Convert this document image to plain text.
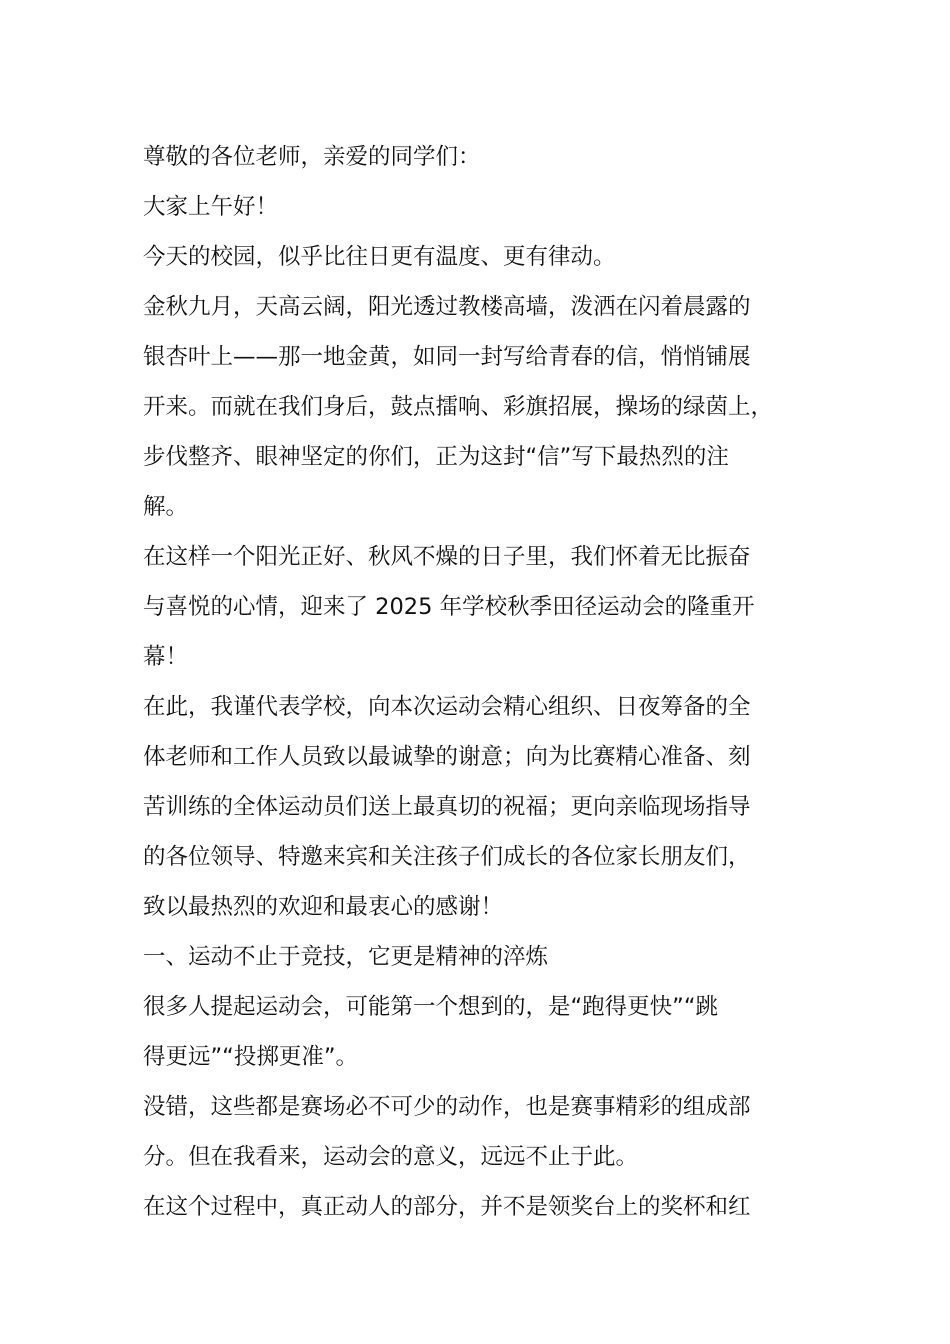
尊敬的各位老师，亲爱的同学们：
大家上午好！
今天的校园，似乎比往日更有温度、更有律动。
金秋九月，天高云阔，阳光透过教楼高墙，泼洒在闪着晨露的
银杏叶上——那一地金黄，如同一封写给青春的信，悄悄铺展
开来。而就在我们身后，鼓点擂响、彩旗招展，操场的绿茵上，
步伐整齐、眼神坚定的你们，正为这封“信”写下最热烈的注
解。
在这样一个阳光正好、秋风不燥的日子里，我们怀着无比振奋
与喜悦的心情，迎来了 2025 年学校秋季田径运动会的隆重开
幕！
在此，我谨代表学校，向本次运动会精心组织、日夜筹备的全
体老师和工作人员致以最诚挚的谢意；向为比赛精心准备、刻
苦训练的全体运动员们送上最真切的祝福；更向亲临现场指导
的各位领导、特邀来宾和关注孩子们成长的各位家长朋友们，
致以最热烈的欢迎和最衷心的感谢！
一、运动不止于竞技，它更是精神的淬炼
很多人提起运动会，可能第一个想到的，是“跑得更快”“跳
得更远”“投掷更准”。
没错，这些都是赛场必不可少的动作，也是赛事精彩的组成部
分。但在我看来，运动会的意义，远远不止于此。
在这个过程中，真正动人的部分，并不是领奖台上的奖杯和红
